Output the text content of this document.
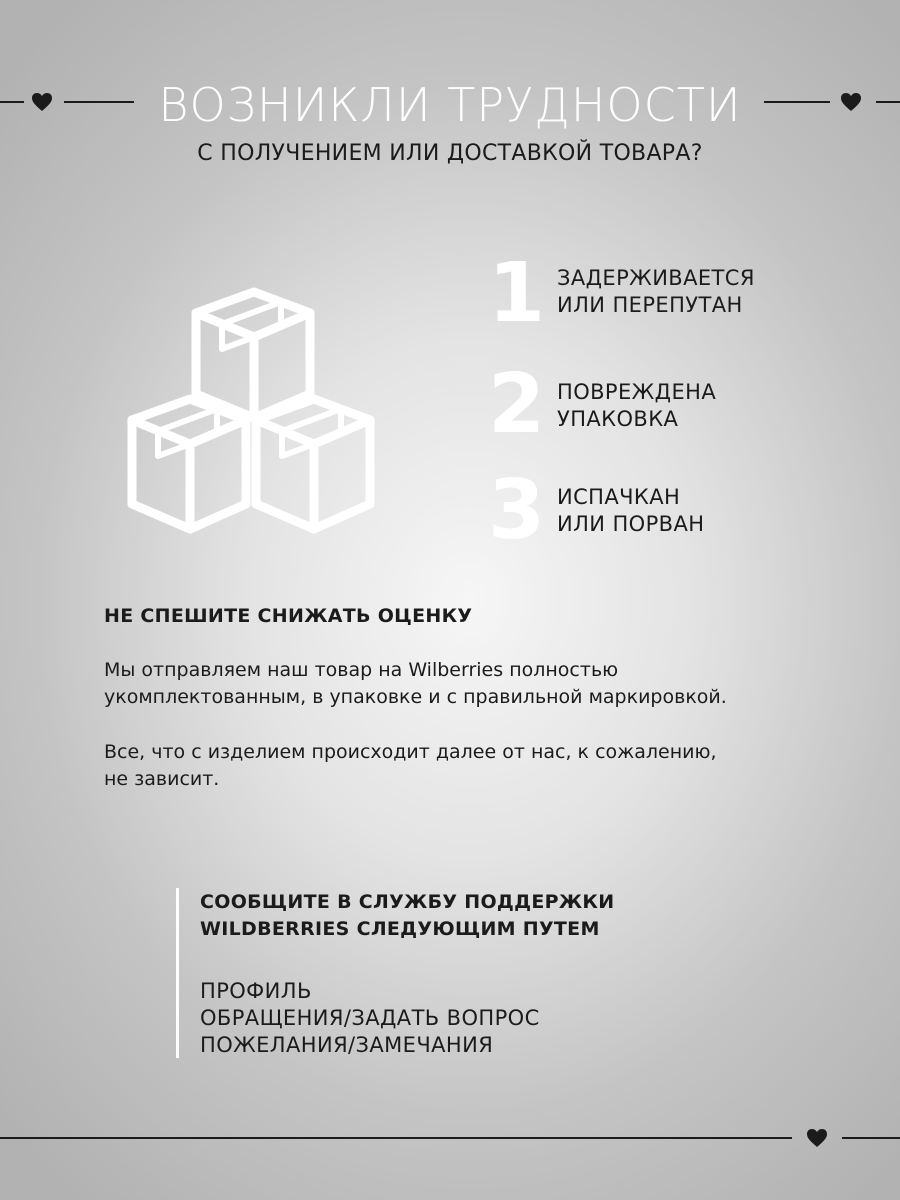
ВОЗНИКЛИ ТРУДНОСТИ

С ПОЛУЧЕНИЕМ ИЛИ ДОСТАВКОЙ ТОВАРА?

1 ЗАДЕРЖИВАЕТСЯ
ИЛИ ПЕРЕПУТАН
2 ПОВРЕЖДЕНА
УПАКОВКА
3 ИСПАЧКАН
ИЛИ ПОРВАН
НЕ СПЕШИТЕ СНИЖАТЬ ОЦЕНКУ

Мы отправляем наш товар на Wilberries полностью
укомплектованным, в упаковке и с правильной маркировкой.

Все, что с изделием происходит далее от нас, к сожалению,
не зависит.

СООБЩИТЕ В СЛУЖБУ ПОДДЕРЖКИ
WILDBERRIES СЛЕДУЮЩИМ ПУТЕМ
ПРОФИЛЬ
ОБРАЩЕНИЯ/ЗАДАТЬ ВОПРОС
ПОЖЕЛАНИЯ/ЗАМЕЧАНИЯ
